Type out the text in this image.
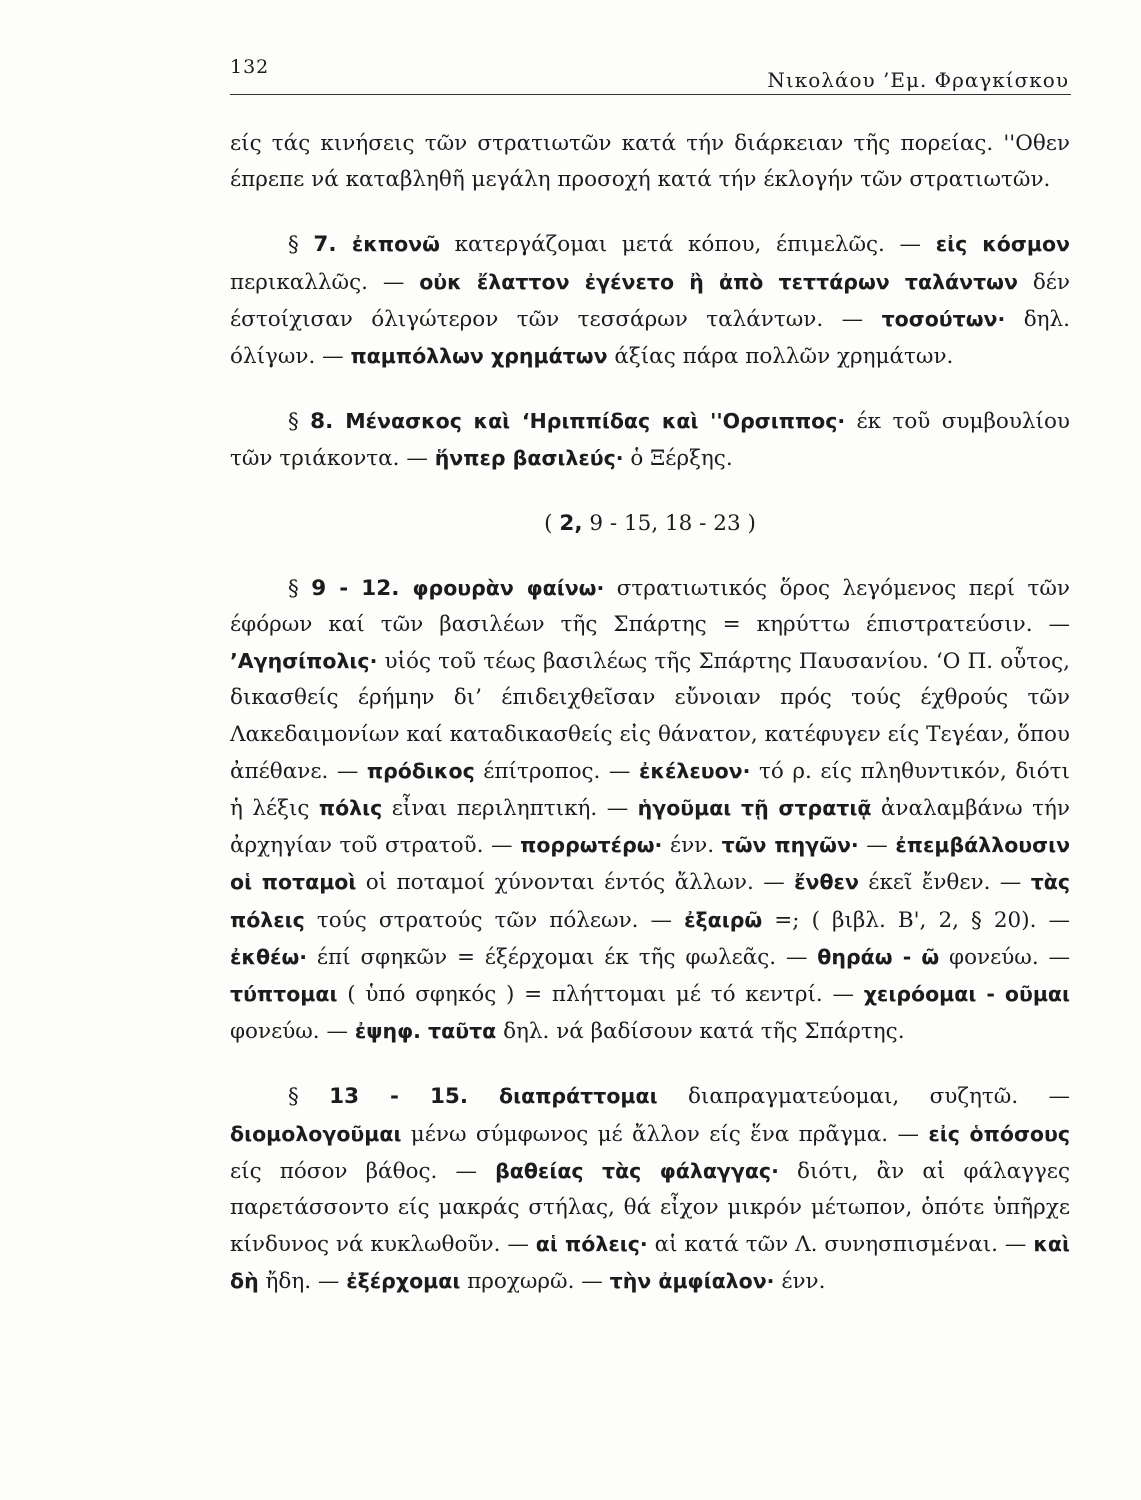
132
Νικολάου ’Εμ. Φραγκίσκου

είς τάς κινήσεις τῶν στρατιωτῶν κατά τήν διάρκειαν τῆς πορείας. ''Οθεν έπρεπε νά καταβληθῆ μεγάλη προσοχή κατά τήν έκλογήν τῶν στρατιωτῶν.

§ 7. ἐκπονῶ κατεργάζομαι μετά κόπου, έπιμελῶς. — εἰς κόσμον περικαλλῶς. — οὐκ ἔλαττον ἐγένετο ἢ ἀπὸ τεττάρων ταλάντων δέν έστοίχισαν όλιγώτερον τῶν τεσσάρων ταλάντων. — τοσούτων· δηλ. όλίγων. — παμπόλλων χρημάτων άξίας πάρα πολλῶν χρημάτων.

§ 8. Μένασκος καὶ ‘Ηριππίδας καὶ ''Ορσιππος· έκ τοῦ συμβουλίου τῶν τριάκοντα. — ἥνπερ βασιλεύς· ὁ Ξέρξης.

( 2, 9 - 15, 18 - 23 )

§ 9 - 12. φρουρὰν φαίνω· στρατιωτικός ὅρος λεγόμενος περί τῶν έφόρων καί τῶν βασιλέων τῆς Σπάρτης = κηρύττω έπιστρατεύσιν. — ’Αγησίπολις· υἱός τοῦ τέως βασιλέως τῆς Σπάρτης Παυσανίου. ‘Ο Π. οὗτος, δικασθείς έρήμην δι’ έπιδειχθεῖσαν εὔνοιαν πρός τούς έχθρούς τῶν Λακεδαιμονίων καί καταδικασθείς εἰς θάνατον, κατέφυγεν είς Τεγέαν, ὅπου ἀπέθανε. — πρόδικος έπίτροπος. — ἐκέλευον· τό ρ. είς πληθυντικόν, διότι ἡ λέξις πόλις εἶναι περιληπτική. — ἡγοῦμαι τῇ στρατιᾷ ἀναλαμβάνω τήν ἀρχηγίαν τοῦ στρατοῦ. — πορρωτέρω· ένν. τῶν πηγῶν· — ἐπεμβάλλουσιν οἱ ποταμοὶ οἱ ποταμοί χύνονται έντός ἄλλων. — ἔνθεν έκεῖ ἔνθεν. — τὰς πόλεις τούς στρατούς τῶν πόλεων. — ἐξαιρῶ =; ( βιβλ. Β', 2, § 20). — ἐκθέω· έπί σφηκῶν = έξέρχομαι έκ τῆς φωλεᾶς. — θηράω - ῶ φονεύω. — τύπτομαι ( ὑπό σφηκός ) = πλήττομαι μέ τό κεντρί. — χειρόομαι - οῦμαι φονεύω. — ἐψηφ. ταῦτα δηλ. νά βαδίσουν κατά τῆς Σπάρτης.

§ 13 - 15. διαπράττομαι διαπραγματεύομαι, συζητῶ. — διομολογοῦμαι μένω σύμφωνος μέ ἄλλον είς ἕνα πρᾶγμα. — εἰς ὁπόσους είς πόσον βάθος. — βαθείας τὰς φάλαγγας· διότι, ἂν αἱ φάλαγγες παρετάσσοντο είς μακράς στήλας, θά εἶχον μικρόν μέτωπον, ὁπότε ὑπῆρχε κίνδυνος νά κυκλωθοῦν. — αἱ πόλεις· αἱ κατά τῶν Λ. συνησπισμέναι. — καὶ δὴ ἤδη. — ἐξέρχομαι προχωρῶ. — τὴν ἀμφίαλον· ένν.
